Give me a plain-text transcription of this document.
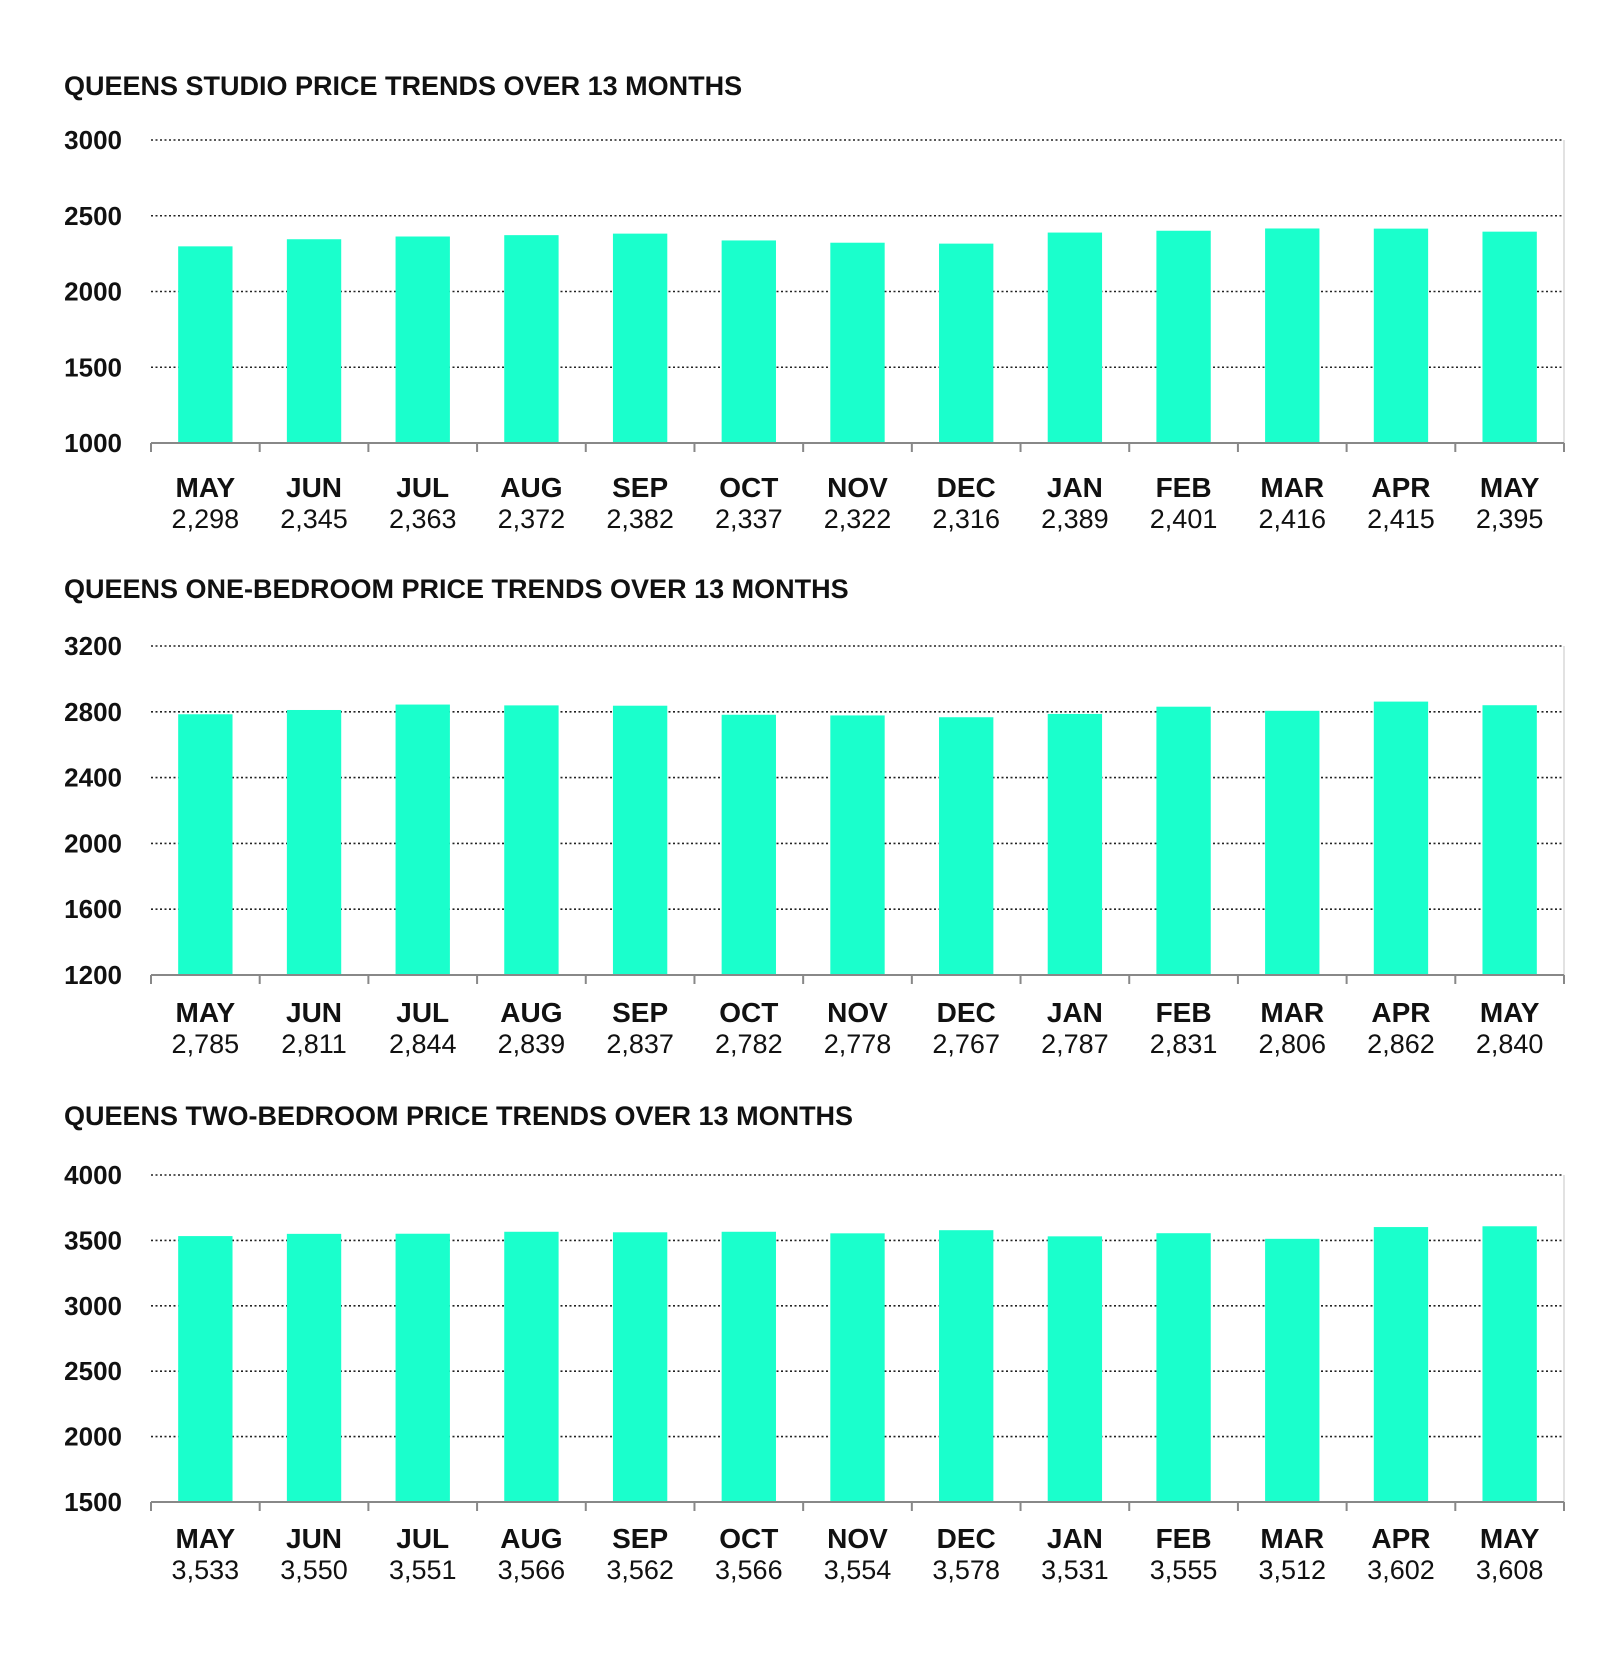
QUEENS STUDIO PRICE TRENDS OVER 13 MONTHS
1000
1500
2000
2500
3000
MAY
2,298
JUN
2,345
JUL
2,363
AUG
2,372
SEP
2,382
OCT
2,337
NOV
2,322
DEC
2,316
JAN
2,389
FEB
2,401
MAR
2,416
APR
2,415
MAY
2,395
QUEENS ONE-BEDROOM PRICE TRENDS OVER 13 MONTHS
1200
1600
2000
2400
2800
3200
MAY
2,785
JUN
2,811
JUL
2,844
AUG
2,839
SEP
2,837
OCT
2,782
NOV
2,778
DEC
2,767
JAN
2,787
FEB
2,831
MAR
2,806
APR
2,862
MAY
2,840
QUEENS TWO-BEDROOM PRICE TRENDS OVER 13 MONTHS
1500
2000
2500
3000
3500
4000
MAY
3,533
JUN
3,550
JUL
3,551
AUG
3,566
SEP
3,562
OCT
3,566
NOV
3,554
DEC
3,578
JAN
3,531
FEB
3,555
MAR
3,512
APR
3,602
MAY
3,608
